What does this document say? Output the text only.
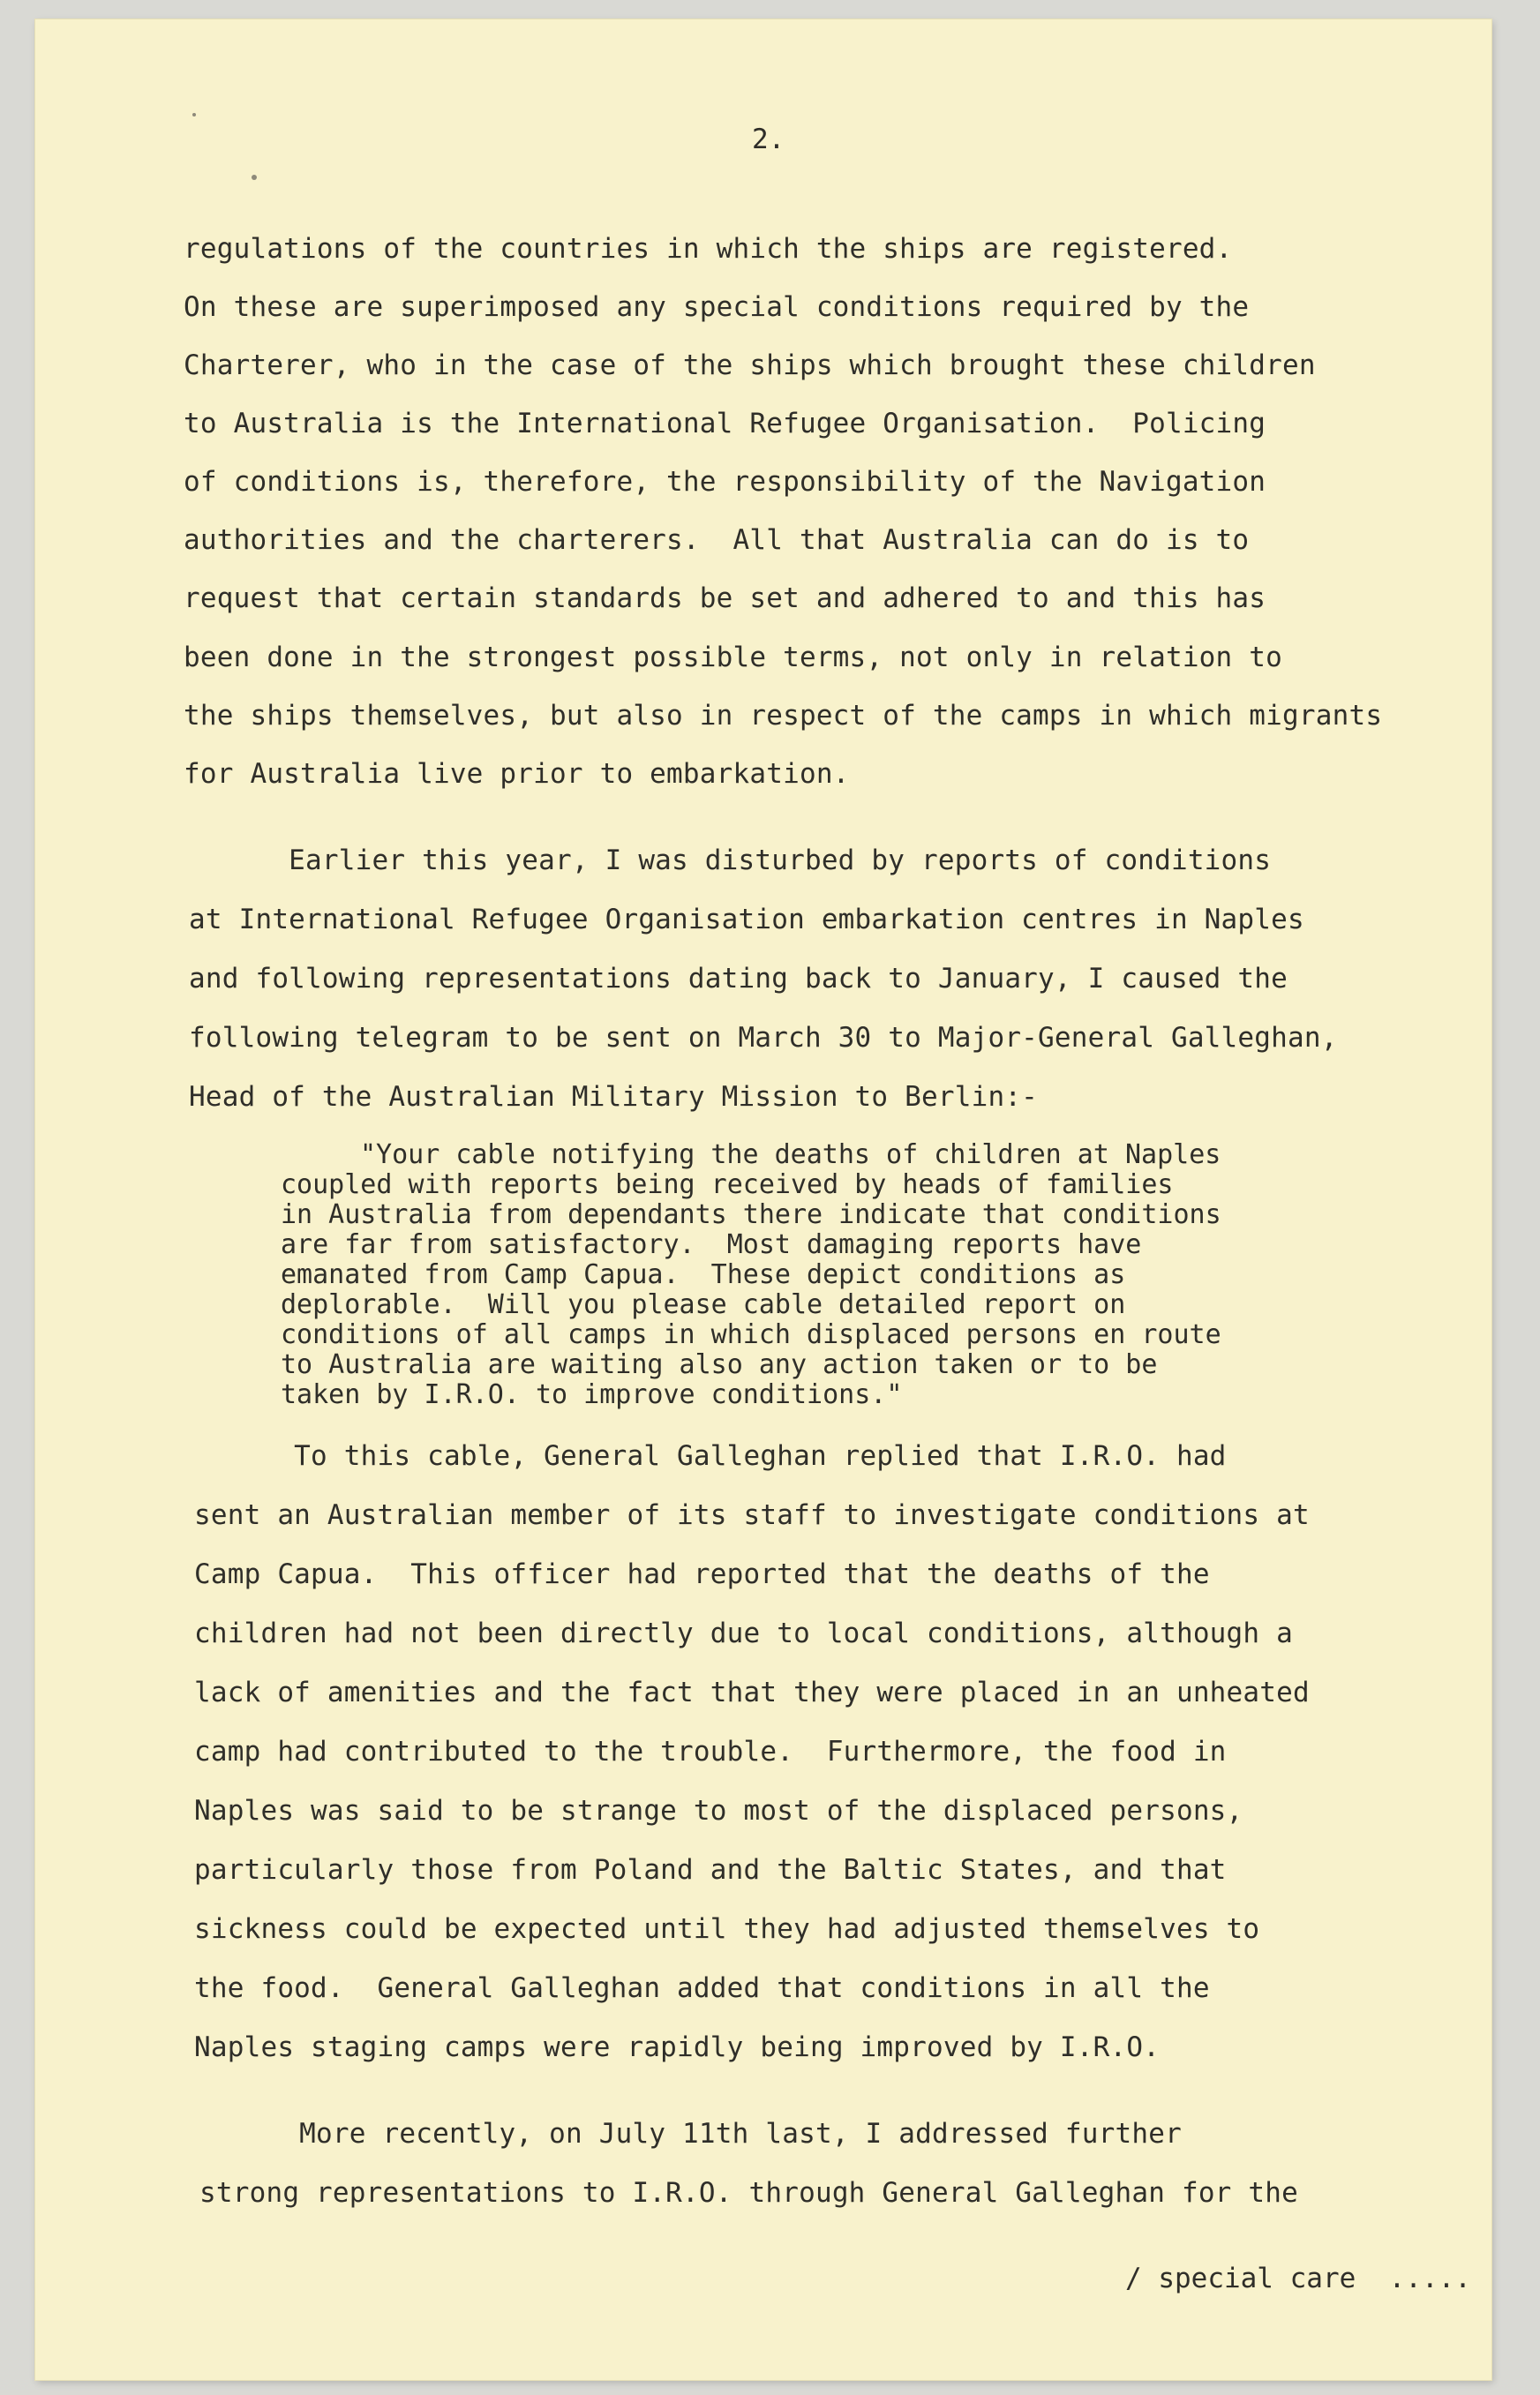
2.
regulations of the countries in which the ships are registered.
On these are superimposed any special conditions required by the
Charterer, who in the case of the ships which brought these children
to Australia is the International Refugee Organisation.  Policing
of conditions is, therefore, the responsibility of the Navigation
authorities and the charterers.  All that Australia can do is to
request that certain standards be set and adhered to and this has
been done in the strongest possible terms, not only in relation to
the ships themselves, but also in respect of the camps in which migrants
for Australia live prior to embarkation.
Earlier this year, I was disturbed by reports of conditions
at International Refugee Organisation embarkation centres in Naples
and following representations dating back to January, I caused the
following telegram to be sent on March 30 to Major-General Galleghan,
Head of the Australian Military Mission to Berlin:-
"Your cable notifying the deaths of children at Naples
coupled with reports being received by heads of families
in Australia from dependants there indicate that conditions
are far from satisfactory.  Most damaging reports have
emanated from Camp Capua.  These depict conditions as
deplorable.  Will you please cable detailed report on
conditions of all camps in which displaced persons en route
to Australia are waiting also any action taken or to be
taken by I.R.O. to improve conditions."
To this cable, General Galleghan replied that I.R.O. had
sent an Australian member of its staff to investigate conditions at
Camp Capua.  This officer had reported that the deaths of the
children had not been directly due to local conditions, although a
lack of amenities and the fact that they were placed in an unheated
camp had contributed to the trouble.  Furthermore, the food in
Naples was said to be strange to most of the displaced persons,
particularly those from Poland and the Baltic States, and that
sickness could be expected until they had adjusted themselves to
the food.  General Galleghan added that conditions in all the
Naples staging camps were rapidly being improved by I.R.O.
More recently, on July 11th last, I addressed further
strong representations to I.R.O. through General Galleghan for the
/ special care  .....
